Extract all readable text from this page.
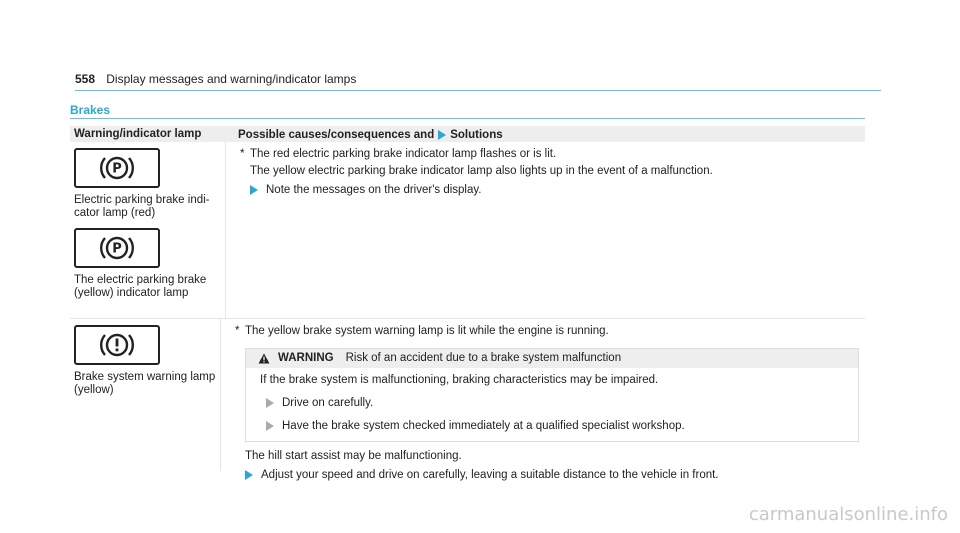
558 Display messages and warning/indicator lamps
Brakes
Warning/indicator lamp	Possible causes/consequences and Solutions
P
Electric parking brake indi-cator lamp (red)
P
The electric parking brake (yellow) indicator lamp
* The red electric parking brake indicator lamp flashes or is lit.
The yellow electric parking brake indicator lamp also lights up in the event of a malfunction.
Note the messages on the driver's display.
Brake system warning lamp (yellow)
* The yellow brake system warning lamp is lit while the engine is running.
WARNING Risk of an accident due to a brake system malfunction
If the brake system is malfunctioning, braking characteristics may be impaired.
Drive on carefully.
Have the brake system checked immediately at a qualified specialist workshop.
The hill start assist may be malfunctioning.
Adjust your speed and drive on carefully, leaving a suitable distance to the vehicle in front.
carmanualsonline.info
